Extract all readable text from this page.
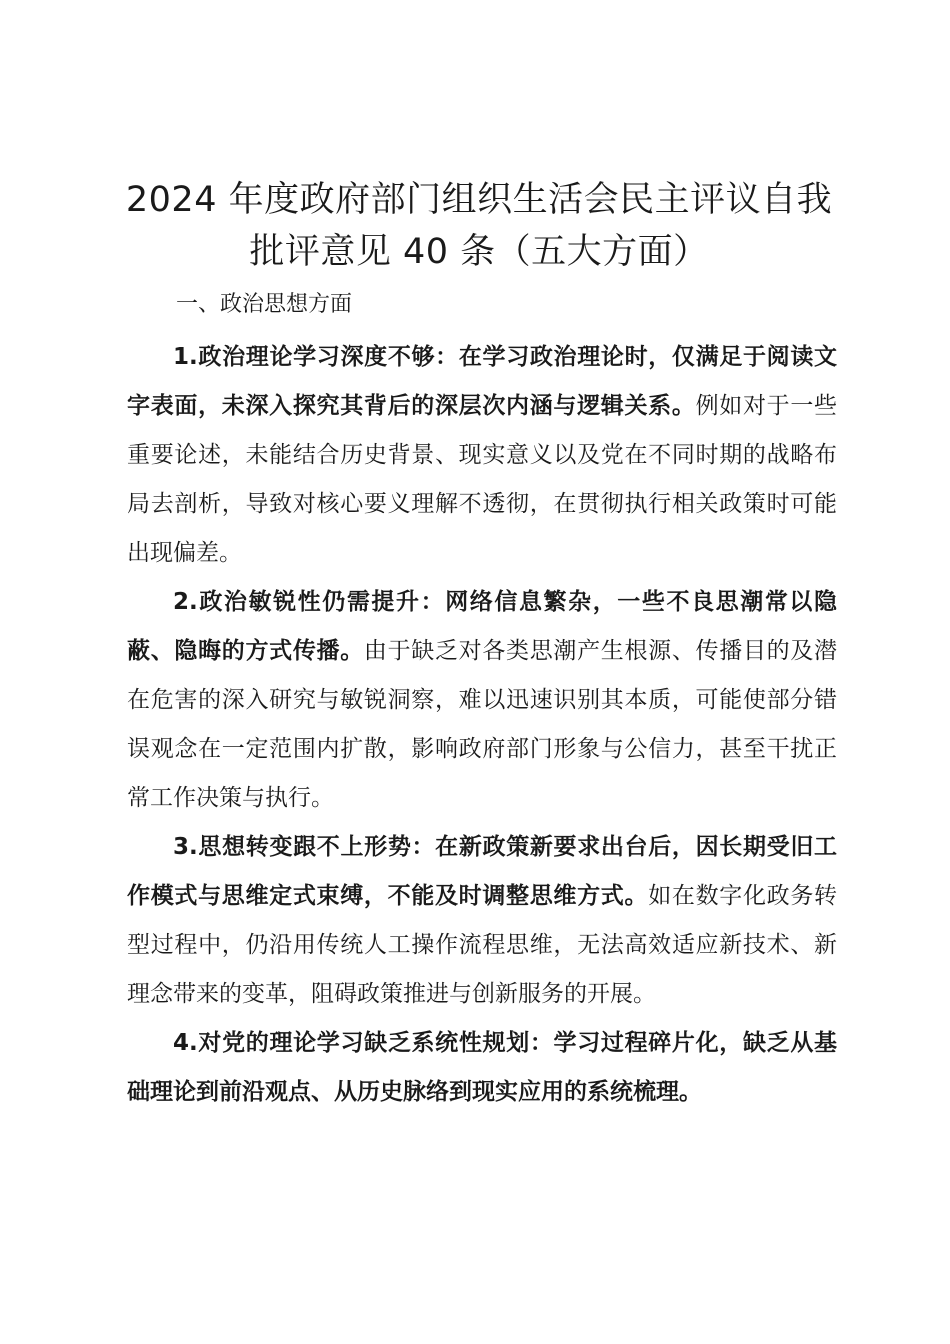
2024 年度政府部门组织生活会民主评议自我
批评意见 40 条（五大方面）

一、政治思想方面

1.政治理论学习深度不够：在学习政治理论时，仅满足于阅读文字表面，未深入探究其背后的深层次内涵与逻辑关系。例如对于一些重要论述，未能结合历史背景、现实意义以及党在不同时期的战略布局去剖析，导致对核心要义理解不透彻，在贯彻执行相关政策时可能出现偏差。

2.政治敏锐性仍需提升：网络信息繁杂，一些不良思潮常以隐蔽、隐晦的方式传播。由于缺乏对各类思潮产生根源、传播目的及潜在危害的深入研究与敏锐洞察，难以迅速识别其本质，可能使部分错误观念在一定范围内扩散，影响政府部门形象与公信力，甚至干扰正常工作决策与执行。

3.思想转变跟不上形势：在新政策新要求出台后，因长期受旧工作模式与思维定式束缚，不能及时调整思维方式。如在数字化政务转型过程中，仍沿用传统人工操作流程思维，无法高效适应新技术、新理念带来的变革，阻碍政策推进与创新服务的开展。

4.对党的理论学习缺乏系统性规划：学习过程碎片化，缺乏从基础理论到前沿观点、从历史脉络到现实应用的系统梳理。
